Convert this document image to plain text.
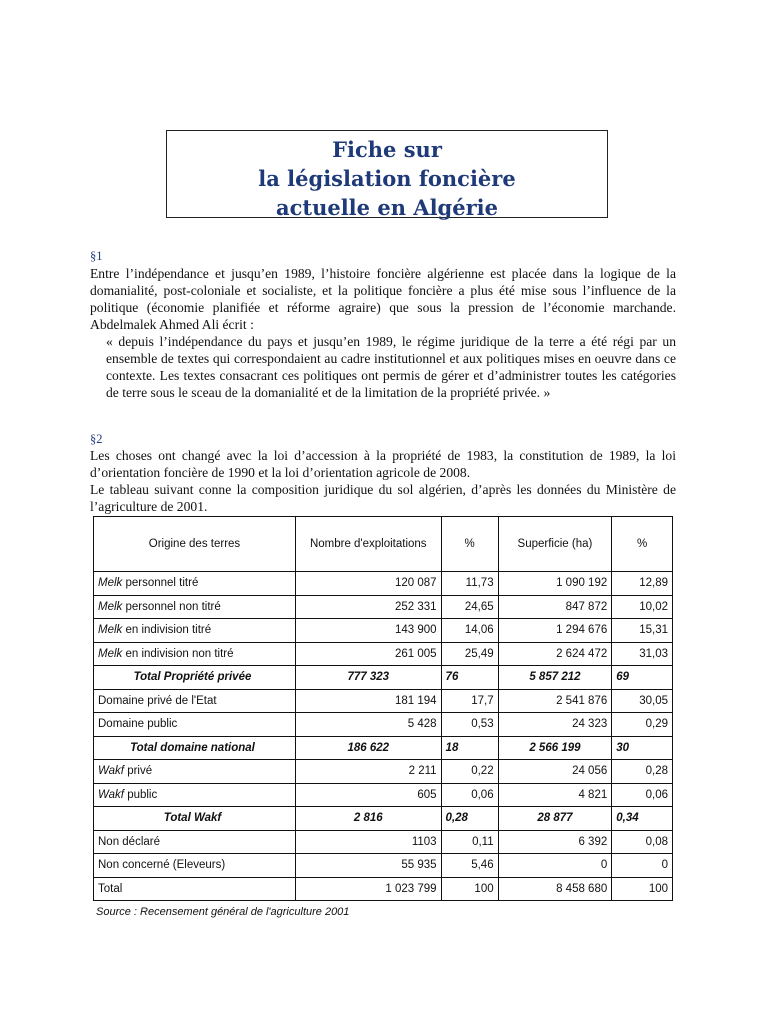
Fiche sur
la législation foncière
actuelle en Algérie
§1
Entre l’indépendance et jusqu’en 1989, l’histoire foncière algérienne est placée dans la logique de la domanialité, post-coloniale et socialiste, et la politique foncière a plus été mise sous l’influence de la politique (économie planifiée et réforme agraire) que sous la pression de l’économie marchande. Abdelmalek Ahmed Ali écrit :
« depuis l’indépendance du pays et jusqu’en 1989, le régime juridique de la terre a été régi par un ensemble de textes qui correspondaient au cadre institutionnel et aux politiques mises en oeuvre dans ce contexte. Les textes consacrant ces politiques ont permis de gérer et d’administrer toutes les catégories de terre sous le sceau de la domanialité et de la limitation de la propriété privée. »
§2
Les choses ont changé avec la loi d’accession à la propriété de 1983, la constitution de 1989, la loi d’orientation foncière de 1990 et la loi d’orientation agricole de 2008.
Le tableau suivant conne la composition juridique du sol algérien, d’après les données du Ministère de l’agriculture de 2001.
Origine des terres	Nombre d'exploitations	%	Superficie (ha)	%
Melk personnel titré	120 087	11,73	1 090 192	12,89
Melk personnel non titré	252 331	24,65	847 872	10,02
Melk en indivision titré	143 900	14,06	1 294 676	15,31
Melk en indivision non titré	261 005	25,49	2 624 472	31,03
Total Propriété privée	777 323	76	5 857 212	69
Domaine privé de l'Etat	181 194	17,7	2 541 876	30,05
Domaine public	5 428	0,53	24 323	0,29
Total domaine national	186 622	18	2 566 199	30
Wakf privé	2 211	0,22	24 056	0,28
Wakf public	605	0,06	4 821	0,06
Total Wakf	2 816	0,28	28 877	0,34
Non déclaré	1103	0,11	6 392	0,08
Non concerné (Eleveurs)	55 935	5,46	0	0
Total	1 023 799	100	8 458 680	100
Source : Recensement général de l'agriculture 2001
